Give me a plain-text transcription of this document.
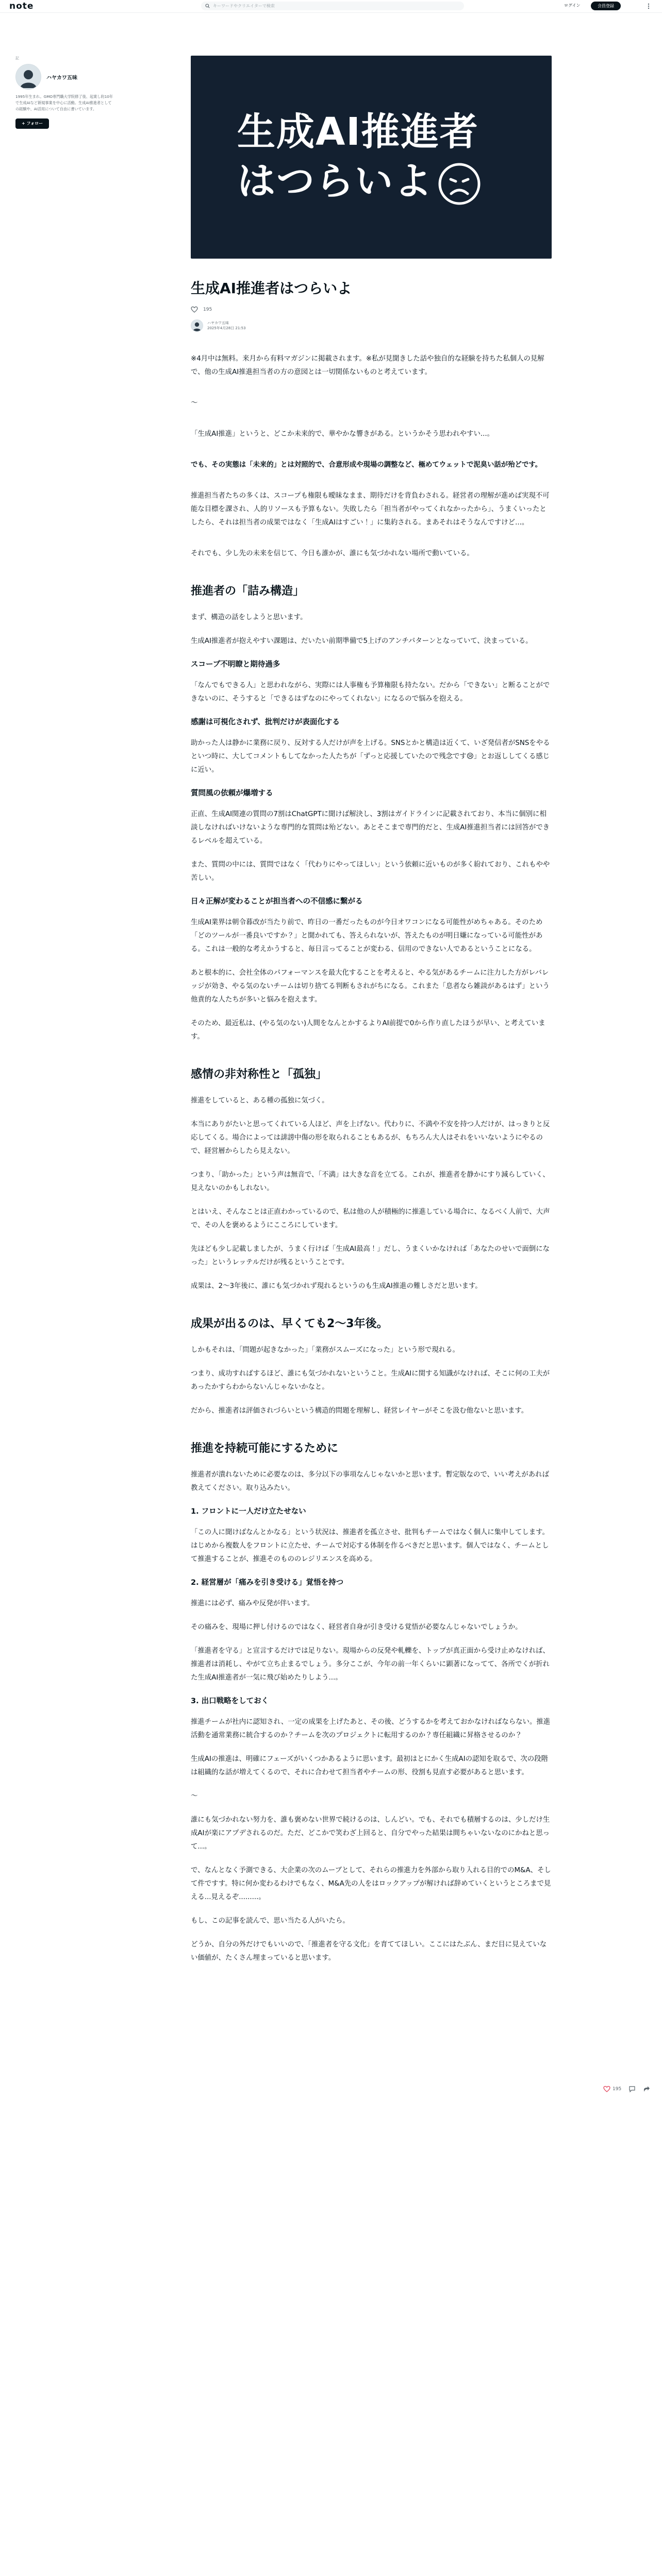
note
キーワードやクリエイターで検索	ログイン	会員登録
記
ハヤカワ五味
1995年生まれ。GMO専門職大学院修了後、起業し約10年で生成AIなど新規事業を中心に活動。生成AI推進者としての経験や、AI活用について自由に書いています。
+ フォロー	生成AI推進者
はつらいよ
生成AI推進者はつらいよ
195
ハヤカワ五味
2025年4月28日 21:53

※4月中は無料。来月から有料マガジンに掲載されます。※私が見聞きした話や独自的な経験を持ちた私個人の見解で、他の生成AI推進担当者の方の意図とは一切関係ないものと考えています。

〜

「生成AI推進」というと、どこか未来的で、華やかな響きがある。というかそう思われやすい...。

でも、その実態は「未来的」とは対照的で、合意形成や現場の調整など、極めてウェットで泥臭い話が殆どです。

推進担当者たちの多くは、スコープも権限も曖昧なまま、期待だけを背負わされる。経営者の理解が進めば実現不可能な目標を課され、人的リソースも予算もない。失敗したら「担当者がやってくれなかったから」、うまくいったとしたら、それは担当者の成果ではなく「生成AIはすごい！」に集約される。まあそれはそうなんですけど...。

それでも、少し先の未来を信じて、今日も誰かが、誰にも気づかれない場所で動いている。

推進者の「詰み構造」

まず、構造の話をしようと思います。

生成AI推進者が抱えやすい課題は、だいたい前期準備で5上げのアンチパターンとなっていて、決まっている。

スコープ不明瞭と期待過多

「なんでもできる人」と思われながら、実際には人事権も予算権限も持たない。だから「できない」と断ることができないのに、そうすると「できるはずなのにやってくれない」になるので悩みを抱える。

感謝は可視化されず、批判だけが表面化する

助かった人は静かに業務に戻り、反対する人だけが声を上げる。SNSとかと構造は近くて、いざ発信者がSNSをやるといつ時に、大してコメントもしてなかった人たちが「ずっと応援していたので残念です😢」とお返ししてくる感じに近い。

質問風の依頼が爆増する

正直、生成AI関連の質問の7割はChatGPTに聞けば解決し、3割はガイドラインに記載されており、本当に個別に相談しなければいけないような専門的な質問は殆どない。あとそこまで専門的だと、生成AI推進担当者には回答ができるレベルを超えている。

また、質問の中には、質問ではなく「代わりにやってほしい」という依頼に近いものが多く紛れており、これもやや苦しい。

日々正解が変わることが担当者への不信感に繋がる

生成AI業界は朝令暮改が当たり前で、昨日の一番だったものが今日オワコンになる可能性がめちゃある。そのため「どのツールが一番良いですか？」と聞かれても、答えられないが、答えたものが明日嫌になっている可能性がある。これは一般的な考えかうすると、毎日言ってることが変わる、信用のできない人であるということになる。

あと根本的に、会社全体のパフォーマンスを最大化することを考えると、やる気があるチームに注力した方がレバレッジが効き、やる気のないチームは切り捨てる判断もされがちになる。これまた「息者なら雑談があるはず」という他責的な人たちが多いと悩みを抱えます。

そのため、最近私は、(やる気のない)人間をなんとかするよりAI前提で0から作り直したほうが早い、と考えています。

感情の非対称性と「孤独」

推進をしていると、ある種の孤独に気づく。

本当にありがたいと思ってくれている人ほど、声を上げない。代わりに、不満や不安を持つ人だけが、はっきりと反応してくる。場合によっては誹謗中傷の形を取られることもあるが、もちろん大人はそれをいいないようにやるので、経営層からしたら見えない。

つまり、「助かった」という声は無音で、「不満」は大きな音を立てる。これが、推進者を静かにすり減らしていく、見えないのかもしれない。

とはいえ、そんなことは正直わかっているので、私は他の人が積極的に推進している場合に、なるべく人前で、大声で、その人を褒めるようにこころにしています。

先ほども少し記載しましたが、うまく行けば「生成AI最高！」だし、うまくいかなければ「あなたのせいで面倒になった」というレッテルだけが残るということです。

成果は、2〜3年後に、誰にも気づかれず現れるというのも生成AI推進の難しさだと思います。

成果が出るのは、早くても2〜3年後。

しかもそれは、「問題が起きなかった」「業務がスムーズになった」という形で現れる。

つまり、成功すればするほど、誰にも気づかれないということ。生成AIに関する知識がなければ、そこに何の工夫があったかすらわからないんじゃないかなと。

だから、推進者は評価されづらいという構造的問題を理解し、経営レイヤーがそこを汲む他ないと思います。

推進を持続可能にするために

推進者が潰れないために必要なのは、多分以下の事項なんじゃないかと思います。暫定版なので、いい考えがあれば教えてください。取り込みたい。

1. フロントに一人だけ立たせない

「この人に聞けばなんとかなる」という状況は、推進者を孤立させ、批判もチームではなく個人に集中してします。はじめから複数人をフロントに立たせ、チームで対応する体制を作るべきだと思います。個人ではなく、チームとして推進することが、推進そのもののレジリエンスを高める。

2. 経営層が「痛みを引き受ける」覚悟を持つ

推進には必ず、痛みや反発が伴います。

その痛みを、現場に押し付けるのではなく、経営者自身が引き受ける覚悟が必要なんじゃないでしょうか。

「推進者を守る」と宣言するだけでは足りない。現場からの反発や軋轢を、トップが真正面から受け止めなければ、推進者は消耗し、やがて立ち止まるでしょう。多分ここが、今年の前一年くらいに顕著になってて、各所でくが折れた生成AI推進者が一気に飛び始めたりしよう...。

3. 出口戦略をしておく

推進チームが社内に認知され、一定の成果を上げたあと、その後、どうするかを考えておかなければならない。推進活動を通常業務に統合するのか？チームを次のプロジェクトに転用するのか？専任組織に昇格させるのか？

生成AIの推進は、明確にフェーズがいくつかあるように思います。最初はとにかく生成AIの認知を取るで、次の段階は組織的な話が増えてくるので、それに合わせて担当者やチームの形、役割も見直す必要があると思います。

〜

誰にも気づかれない努力を、誰も褒めない世界で続けるのは、しんどい。でも、それでも積層するのは、少しだけ生成AIが楽にアプデされるのだ。ただ、どこかで笑わざ上回ると、自分でやった結果は間ちゃいないなのにかねと思って...。

で、なんとなく予測できる、大企業の次のムーブとして、それらの推進力を外部から取り入れる目的でのM&A、そして件ですす。特に何か変わるわけでもなく、M&A先の人をはロックアップが解ければ辞めていくというところまで見える...見えるぞ.........。

もし、この記事を読んで、思い当たる人がいたら。

どうか、自分の外だけでもいいので、「推進者を守る文化」を育ててほしい。ここにはたぶん、まだ目に見えていない価値が、たくさん埋まっていると思います。

195
